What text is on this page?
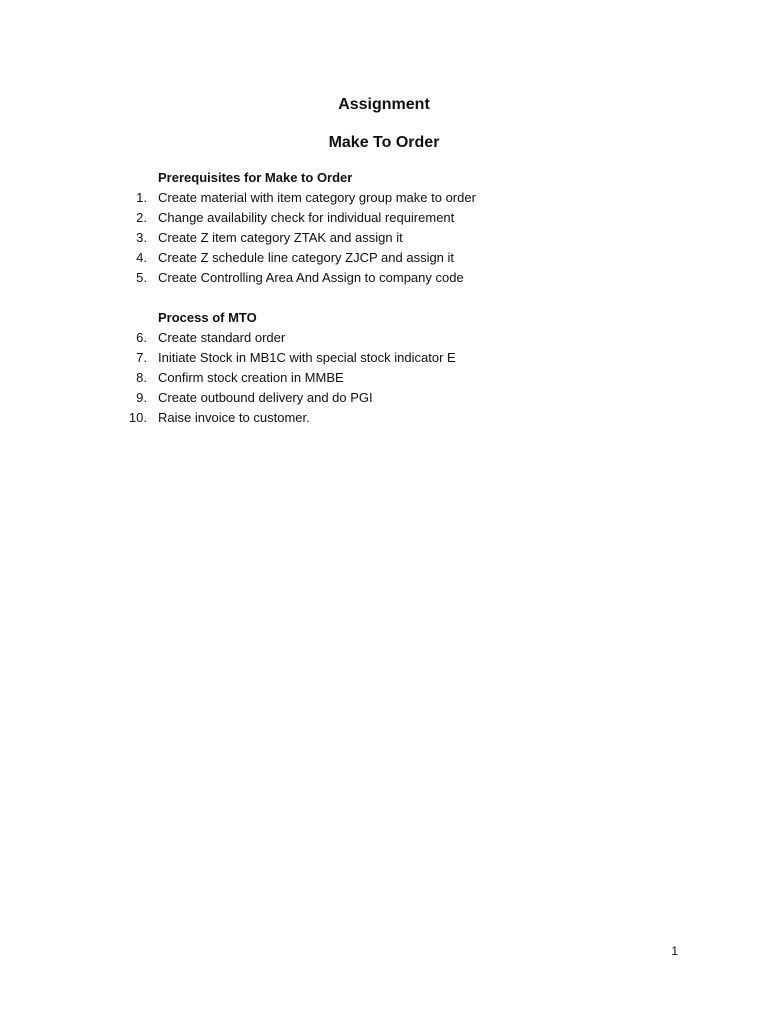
Assignment
Make To Order

Prerequisites for Make to Order

1. Create material with item category group make to order
2. Change availability check for individual requirement
3. Create Z item category ZTAK and assign it
4. Create Z schedule line category ZJCP and assign it
5. Create Controlling Area And Assign to company code

Process of MTO

6. Create standard order
7. Initiate Stock in MB1C with special stock indicator E
8. Confirm stock creation in MMBE
9. Create outbound delivery and do PGI
10. Raise invoice to customer.
1
